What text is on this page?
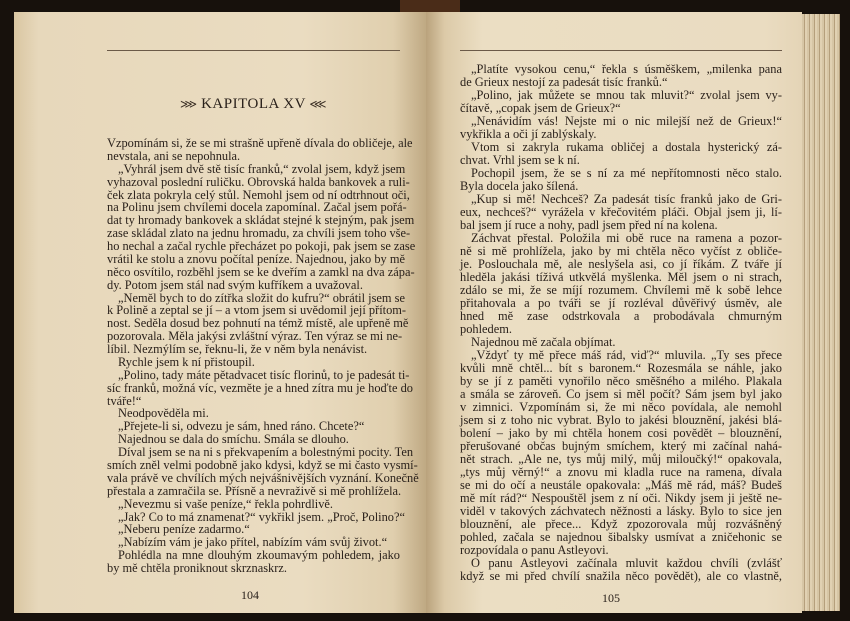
⋙ KAPITOLA XV ⋘
Vzpomínám si, že se mi strašně upřeně dívala do obličeje, ale
nevstala, ani se nepohnula.
„Vyhrál jsem dvě stě tisíc franků,“ zvolal jsem, když jsem
vyhazoval poslední ruličku. Obrovská halda bankovek a ruli-
ček zlata pokryla celý stůl. Nemohl jsem od ní odtrhnout oči,
na Polinu jsem chvílemi docela zapomínal. Začal jsem pořá-
dat ty hromady bankovek a skládat stejné k stejným, pak jsem
zase skládal zlato na jednu hromadu, za chvíli jsem toho vše-
ho nechal a začal rychle přecházet po pokoji, pak jsem se zase
vrátil ke stolu a znovu počítal peníze. Najednou, jako by mě
něco osvítilo, rozběhl jsem se ke dveřím a zamkl na dva zápa-
dy. Potom jsem stál nad svým kufříkem a uvažoval.
„Neměl bych to do zítřka složit do kufru?“ obrátil jsem se
k Polině a zeptal se jí – a vtom jsem si uvědomil její přítom-
nost. Seděla dosud bez pohnutí na témž místě, ale upřeně mě
pozorovala. Měla jakýsi zvláštní výraz. Ten výraz se mi ne-
líbil. Nezmýlím se, řeknu-li, že v něm byla nenávist.
Rychle jsem k ní přistoupil.
„Polino, tady máte pětadvacet tisíc florinů, to je padesát ti-
síc franků, možná víc, vezměte je a hned zítra mu je hoďte do
tváře!“
Neodpověděla mi.
„Přejete-li si, odvezu je sám, hned ráno. Chcete?“
Najednou se dala do smíchu. Smála se dlouho.
Díval jsem se na ni s překvapením a bolestnými pocity. Ten
smích zněl velmi podobně jako kdysi, když se mi často vysmí-
vala právě ve chvílích mých nejvášnivějších vyznání. Konečně
přestala a zamračila se. Přísně a nevraživě si mě prohlížela.
„Nevezmu si vaše peníze,“ řekla pohrdlivě.
„Jak? Co to má znamenat?“ vykřikl jsem. „Proč, Polino?“
„Neberu peníze zadarmo.“
„Nabízím vám je jako přítel, nabízím vám svůj život.“
Pohlédla na mne dlouhým zkoumavým pohledem, jako
by mě chtěla proniknout skrznaskrz.
„Platíte vysokou cenu,“ řekla s úsměškem, „milenka pana
de Grieux nestojí za padesát tisíc franků.“
„Polino, jak můžete se mnou tak mluvit?“ zvolal jsem vy-
čítavě, „copak jsem de Grieux?“
„Nenávidím vás! Nejste mi o nic milejší než de Grieux!“
vykřikla a oči jí zablýskaly.
Vtom si zakryla rukama obličej a dostala hysterický zá-
chvat. Vrhl jsem se k ní.
Pochopil jsem, že se s ní za mé nepřítomnosti něco stalo.
Byla docela jako šílená.
„Kup si mě! Nechceš? Za padesát tisíc franků jako de Gri-
eux, nechceš?“ vyrážela v křečovitém pláči. Objal jsem ji, lí-
bal jsem jí ruce a nohy, padl jsem před ní na kolena.
Záchvat přestal. Položila mi obě ruce na ramena a pozor-
ně si mě prohlížela, jako by mi chtěla něco vyčíst z obliče-
je. Poslouchala mě, ale neslyšela asi, co jí říkám. Z tváře jí
hleděla jakási tíživá utkvělá myšlenka. Měl jsem o ni strach,
zdálo se mi, že se míjí rozumem. Chvílemi mě k sobě lehce
přitahovala a po tváři se jí rozléval důvěřivý úsměv, ale
hned mě zase odstrkovala a probodávala chmurným
pohledem.
Najednou mě začala objímat.
„Vždyť ty mě přece máš rád, viď?“ mluvila. „Ty ses přece
kvůli mně chtěl... bít s baronem.“ Rozesmála se náhle, jako
by se jí z paměti vynořilo něco směšného a milého. Plakala
a smála se zároveň. Co jsem si měl počít? Sám jsem byl jako
v zimnici. Vzpomínám si, že mi něco povídala, ale nemohl
jsem si z toho nic vybrat. Bylo to jakési blouznění, jakési blá-
bolení – jako by mi chtěla honem cosi povědět – blouznění,
přerušované občas bujným smíchem, který mi začínal nahá-
nět strach. „Ale ne, tys můj milý, můj miloučký!“ opakovala,
„tys můj věrný!“ a znovu mi kladla ruce na ramena, dívala
se mi do očí a neustále opakovala: „Máš mě rád, máš? Budeš
mě mít rád?“ Nespouštěl jsem z ní oči. Nikdy jsem ji ještě ne-
viděl v takových záchvatech něžnosti a lásky. Bylo to sice jen
blouznění, ale přece... Když zpozorovala můj rozvášněný
pohled, začala se najednou šibalsky usmívat a zničehonic se
rozpovídala o panu Astleyovi.
O panu Astleyovi začínala mluvit každou chvíli (zvlášť
když se mi před chvílí snažila něco povědět), ale co vlastně,
104	105
